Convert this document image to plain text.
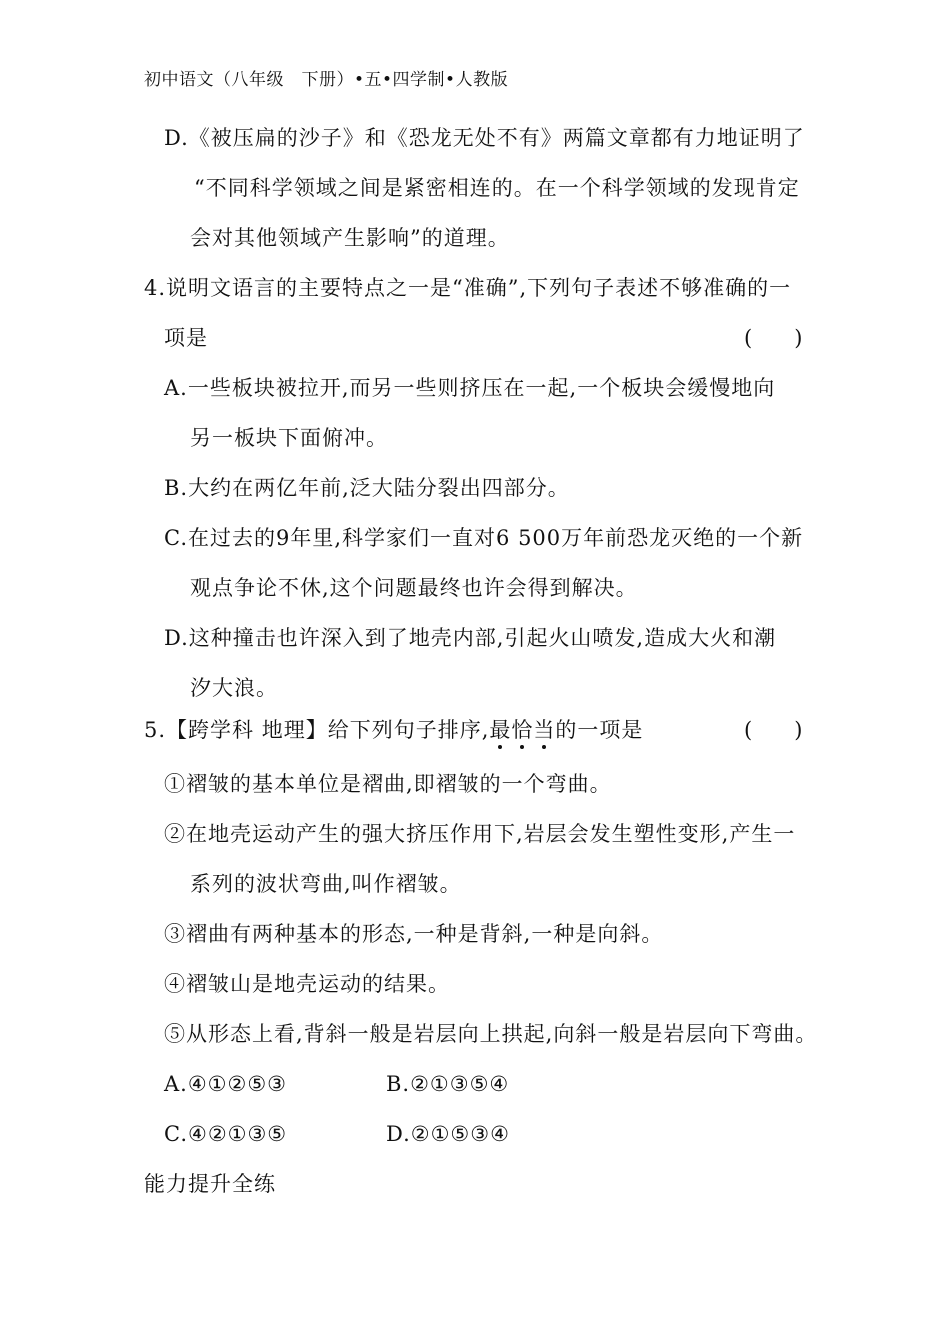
初中语文（八年级　下册）•五•四学制•人教版
D.《被压扁的沙子》和《恐龙无处不有》两篇文章都有力地证明了
“不同科学领域之间是紧密相连的。在一个科学领域的发现肯定
会对其他领域产生影响”的道理。
4.说明文语言的主要特点之一是“准确”,下列句子表述不够准确的一
项是	(　　)
A.一些板块被拉开,而另一些则挤压在一起,一个板块会缓慢地向
另一板块下面俯冲。
B.大约在两亿年前,泛大陆分裂出四部分。
C.在过去的9年里,科学家们一直对6 500万年前恐龙灭绝的一个新
观点争论不休,这个问题最终也许会得到解决。
D.这种撞击也许深入到了地壳内部,引起火山喷发,造成大火和潮
汐大浪。
5.【跨学科 地理】给下列句子排序,最恰当的一项是	(　　)
①褶皱的基本单位是褶曲,即褶皱的一个弯曲。
②在地壳运动产生的强大挤压作用下,岩层会发生塑性变形,产生一
系列的波状弯曲,叫作褶皱。
③褶曲有两种基本的形态,一种是背斜,一种是向斜。
④褶皱山是地壳运动的结果。
⑤从形态上看,背斜一般是岩层向上拱起,向斜一般是岩层向下弯曲。
A.④①②⑤③	B.②①③⑤④
C.④②①③⑤	D.②①⑤③④
能力提升全练
